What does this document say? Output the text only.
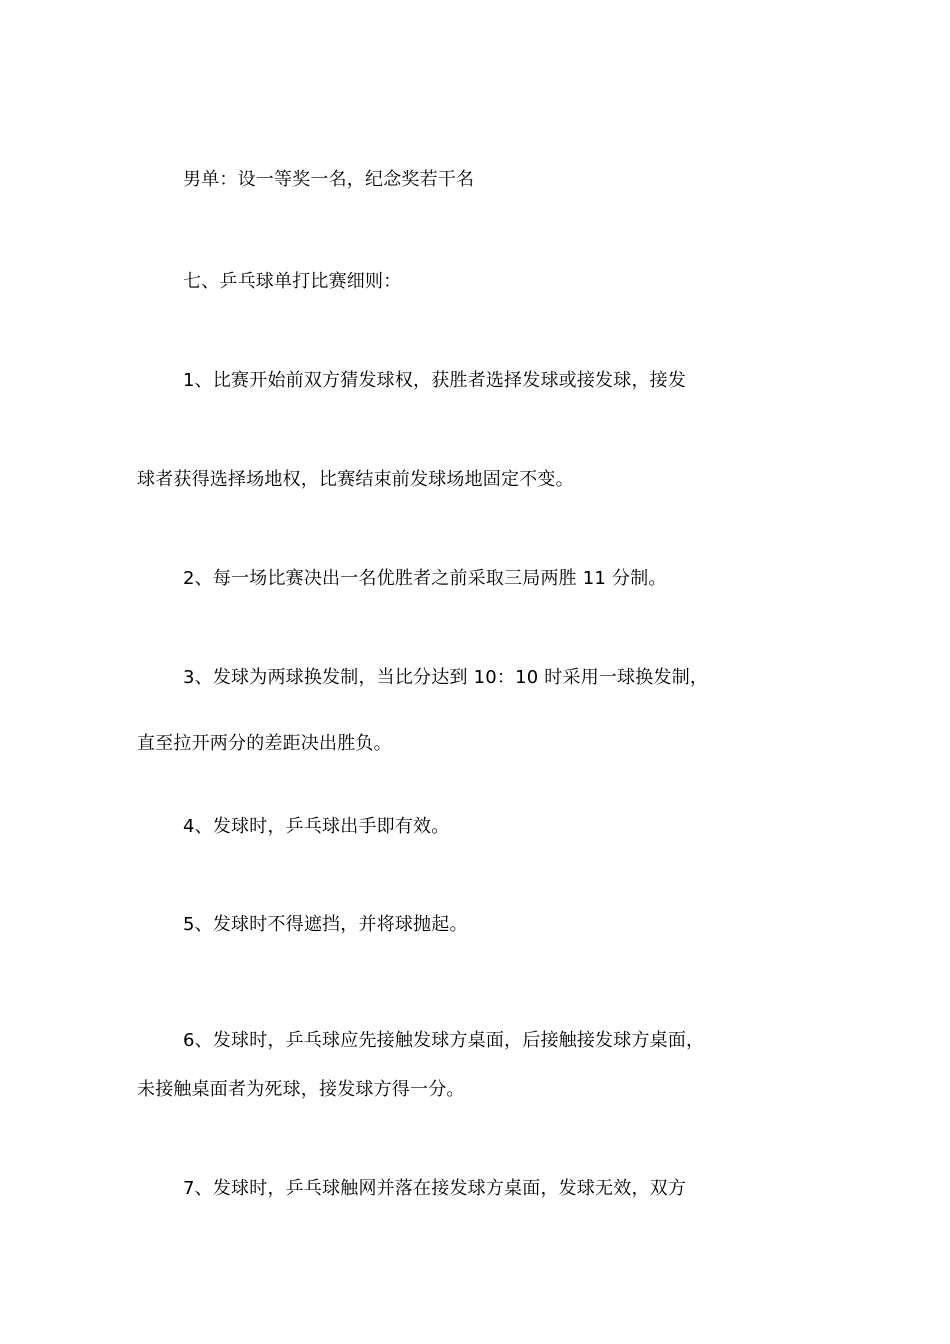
男单：设一等奖一名，纪念奖若干名
七、乒乓球单打比赛细则：
1、比赛开始前双方猜发球权，获胜者选择发球或接发球，接发
球者获得选择场地权，比赛结束前发球场地固定不变。
2、每一场比赛决出一名优胜者之前采取三局两胜 11 分制。
3、发球为两球换发制，当比分达到 10：10 时采用一球换发制，
直至拉开两分的差距决出胜负。
4、发球时，乒乓球出手即有效。
5、发球时不得遮挡，并将球抛起。
6、发球时，乒乓球应先接触发球方桌面，后接触接发球方桌面，
未接触桌面者为死球，接发球方得一分。
7、发球时，乒乓球触网并落在接发球方桌面，发球无效，双方
